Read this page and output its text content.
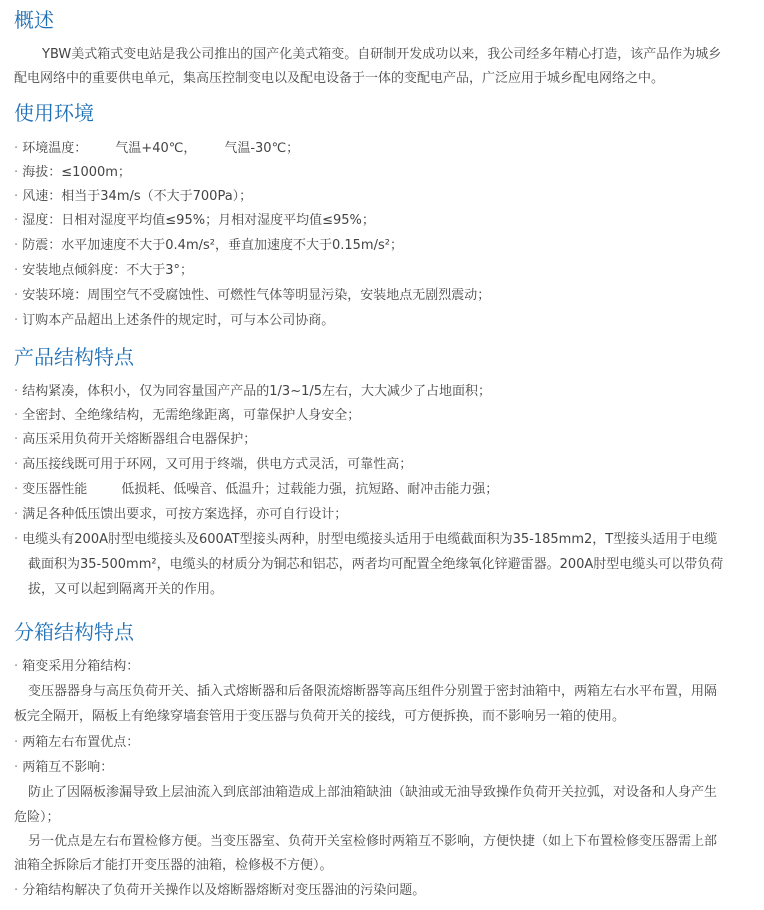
概述

YBW美式箱式变电站是我公司推出的国产化美式箱变。自研制开发成功以来，我公司经多年精心打造，该产品作为城乡

配电网络中的重要供电单元，集高压控制变电以及配电设备于一体的变配电产品，广泛应用于城乡配电网络之中。

使用环境

· 环境温度： 气温+40℃， 气温-30℃；

· 海拔：≤1000m；

· 风速：相当于34m/s（不大于700Pa）；

· 湿度：日相对湿度平均值≤95%；月相对湿度平均值≤95%；

· 防震：水平加速度不大于0.4m/s²，垂直加速度不大于0.15m/s²；

· 安装地点倾斜度：不大于3°；

· 安装环境：周围空气不受腐蚀性、可燃性气体等明显污染，安装地点无剧烈震动；

· 订购本产品超出上述条件的规定时，可与本公司协商。

产品结构特点

· 结构紧凑，体积小，仅为同容量国产产品的1/3~1/5左右，大大减少了占地面积；

· 全密封、全绝缘结构，无需绝缘距离，可靠保护人身安全；

· 高压采用负荷开关熔断器组合电器保护；

· 高压接线既可用于环网，又可用于终端，供电方式灵活，可靠性高；

· 变压器性能	低损耗、低噪音、低温升；过载能力强，抗短路、耐冲击能力强；

· 满足各种低压馈出要求，可按方案选择，亦可自行设计；

· 电缆头有200A肘型电缆接头及600AT型接头两种，肘型电缆接头适用于电缆截面积为35-185mm2，T型接头适用于电缆

截面积为35-500mm²，电缆头的材质分为铜芯和铝芯，两者均可配置全绝缘氧化锌避雷器。200A肘型电缆头可以带负荷

拔，又可以起到隔离开关的作用。

分箱结构特点

· 箱变采用分箱结构：

变压器器身与高压负荷开关、插入式熔断器和后备限流熔断器等高压组件分别置于密封油箱中，两箱左右水平布置，用隔

板完全隔开，隔板上有绝缘穿墙套管用于变压器与负荷开关的接线，可方便拆换，而不影响另一箱的使用。

· 两箱左右布置优点：

· 两箱互不影响：

防止了因隔板渗漏导致上层油流入到底部油箱造成上部油箱缺油（缺油或无油导致操作负荷开关拉弧，对设备和人身产生

危险）；

另一优点是左右布置检修方便。当变压器室、负荷开关室检修时两箱互不影响，方便快捷（如上下布置检修变压器需上部

油箱全拆除后才能打开变压器的油箱，检修极不方便）。

· 分箱结构解决了负荷开关操作以及熔断器熔断对变压器油的污染问题。
